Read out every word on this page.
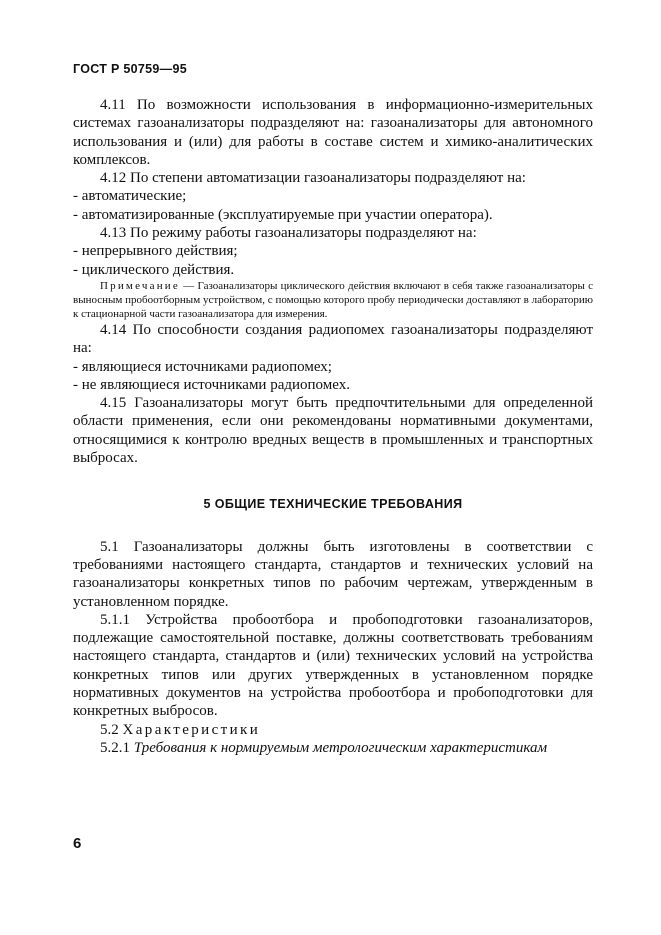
ГОСТ Р 50759—95

4.11 По возможности использования в информационно-измерительных системах газоанализаторы подразделяют на: газоанализаторы для автономного использования и (или) для работы в составе систем и химико-аналитических комплексов.

4.12 По степени автоматизации газоанализаторы подразделяют на:

- автоматические;

- автоматизированные (эксплуатируемые при участии оператора).

4.13 По режиму работы газоанализаторы подразделяют на:

- непрерывного действия;

- циклического действия.

Примечание — Газоанализаторы циклического действия включают в себя также газоанализаторы с выносным пробоотборным устройством, с помощью которого пробу периодически доставляют в лабораторию к стационарной части газоанализатора для измерения.

4.14 По способности создания радиопомех газоанализаторы подразделяют на:

- являющиеся источниками радиопомех;

- не являющиеся источниками радиопомех.

4.15 Газоанализаторы могут быть предпочтительными для определенной области применения, если они рекомендованы нормативными документами, относящимися к контролю вредных веществ в промышленных и транспортных выбросах.

5 ОБЩИЕ ТЕХНИЧЕСКИЕ ТРЕБОВАНИЯ

5.1 Газоанализаторы должны быть изготовлены в соответствии с требованиями настоящего стандарта, стандартов и технических условий на газоанализаторы конкретных типов по рабочим чертежам, утвержденным в установленном порядке.

5.1.1 Устройства пробоотбора и пробоподготовки газоанализаторов, подлежащие самостоятельной поставке, должны соответствовать требованиям настоящего стандарта, стандартов и (или) технических условий на устройства конкретных типов или других утвержденных в установленном порядке нормативных документов на устройства пробоотбора и пробоподготовки для конкретных выбросов.

5.2 Характеристики

5.2.1 Требования к нормируемым метрологическим характеристикам

6
